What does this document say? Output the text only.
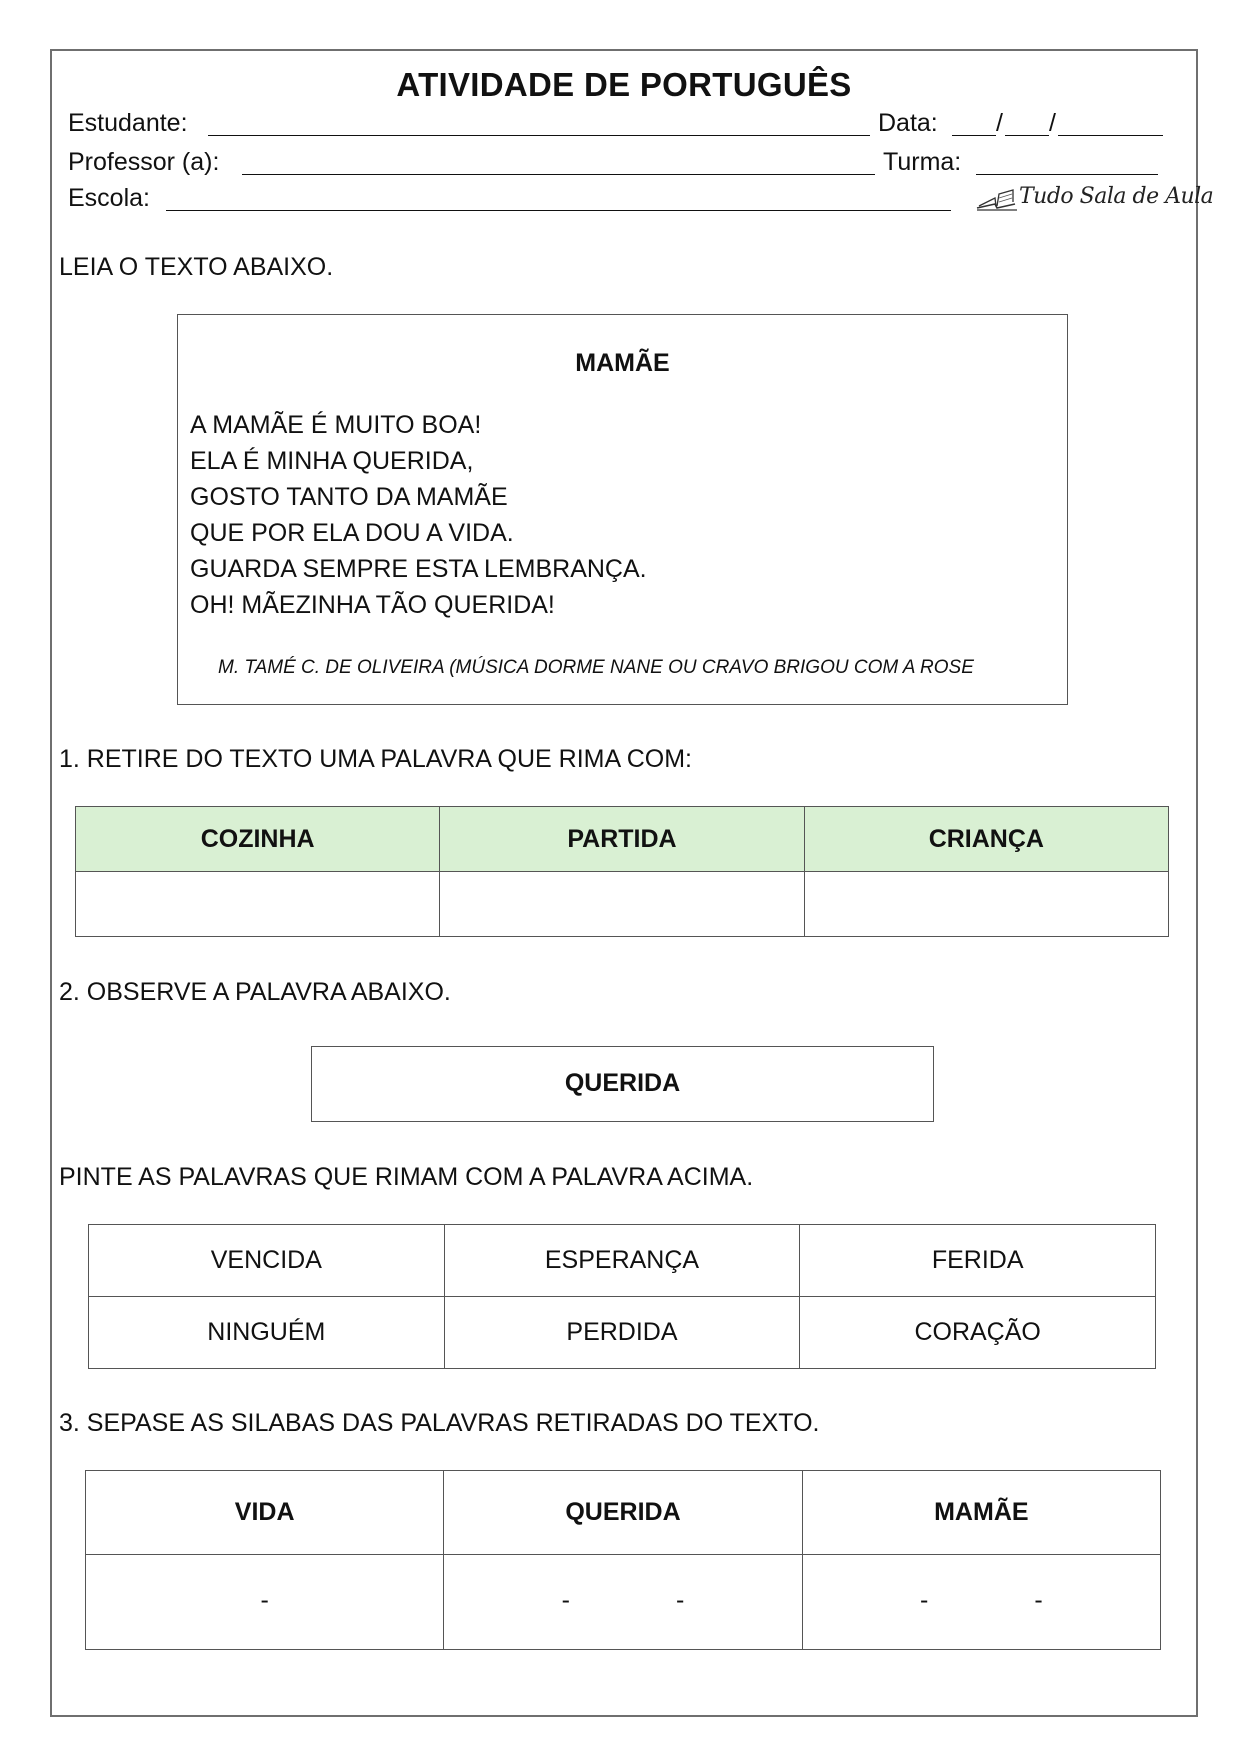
ATIVIDADE DE PORTUGUÊS
Estudante:	Data: / /
Professor (a):	Turma:
Escola:	Tudo Sala de Aula
LEIA O TEXTO ABAIXO.
MAMÃE
A MAMÃE É MUITO BOA!
ELA É MINHA QUERIDA,
GOSTO TANTO DA MAMÃE
QUE POR ELA DOU A VIDA.
GUARDA SEMPRE ESTA LEMBRANÇA.
OH! MÃEZINHA TÃO QUERIDA!
M. TAMÉ C. DE OLIVEIRA (MÚSICA DORME NANE OU CRAVO BRIGOU COM A ROSE
1. RETIRE DO TEXTO UMA PALAVRA QUE RIMA COM:
COZINHA	PARTIDA	CRIANÇA

2. OBSERVE A PALAVRA ABAIXO.
QUERIDA
PINTE AS PALAVRAS QUE RIMAM COM A PALAVRA ACIMA.
VENCIDA	ESPERANÇA	FERIDA
NINGUÉM	PERDIDA	CORAÇÃO
3. SEPASE AS SILABAS DAS PALAVRAS RETIRADAS DO TEXTO.
VIDA	QUERIDA	MAMÃE

-	- -	- -
